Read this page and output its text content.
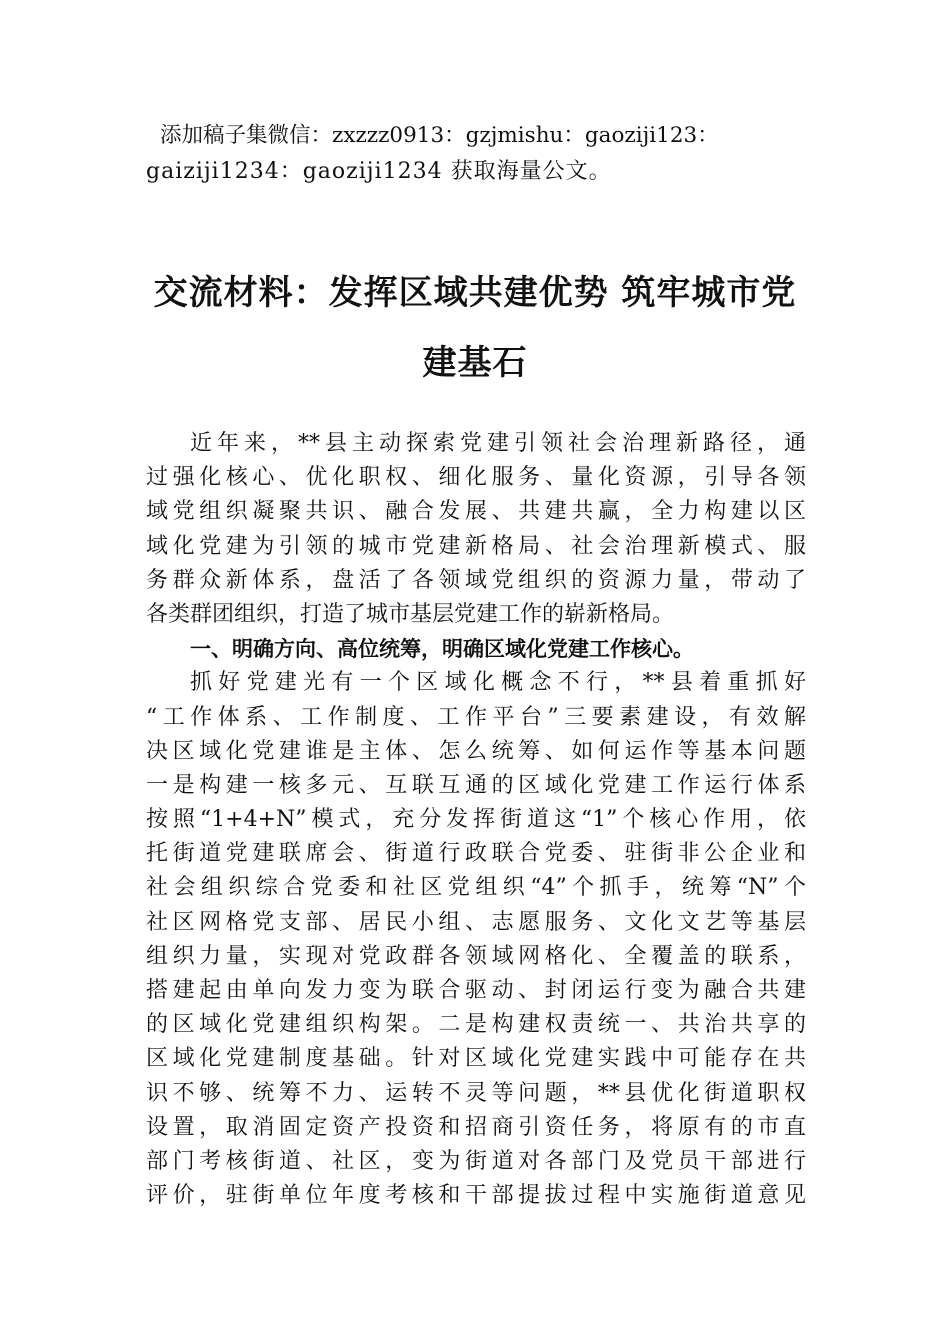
添加稿子集微信：zxzzz0913：gzjmishu：gaoziji123：
gaiziji1234：gaoziji1234 获取海量公文。
交流材料：发挥区域共建优势 筑牢城市党
建基石
近年来，**县主动探索党建引领社会治理新路径，通
过强化核心、优化职权、细化服务、量化资源，引导各领
域党组织凝聚共识、融合发展、共建共赢，全力构建以区
域化党建为引领的城市党建新格局、社会治理新模式、服
务群众新体系，盘活了各领域党组织的资源力量，带动了
各类群团组织，打造了城市基层党建工作的崭新格局。
一、明确方向、高位统筹，明确区域化党建工作核心。
抓好党建光有一个区域化概念不行，**县着重抓好
“工作体系、工作制度、工作平台”三要素建设，有效解
决区域化党建谁是主体、怎么统筹、如何运作等基本问题
一是构建一核多元、互联互通的区域化党建工作运行体系
按照“1+4+N”模式，充分发挥街道这“1”个核心作用，依
托街道党建联席会、街道行政联合党委、驻街非公企业和
社会组织综合党委和社区党组织“4”个抓手，统筹“N”个
社区网格党支部、居民小组、志愿服务、文化文艺等基层
组织力量，实现对党政群各领域网格化、全覆盖的联系，
搭建起由单向发力变为联合驱动、封闭运行变为融合共建
的区域化党建组织构架。二是构建权责统一、共治共享的
区域化党建制度基础。针对区域化党建实践中可能存在共
识不够、统筹不力、运转不灵等问题，**县优化街道职权
设置，取消固定资产投资和招商引资任务，将原有的市直
部门考核街道、社区，变为街道对各部门及党员干部进行
评价，驻街单位年度考核和干部提拔过程中实施街道意见
